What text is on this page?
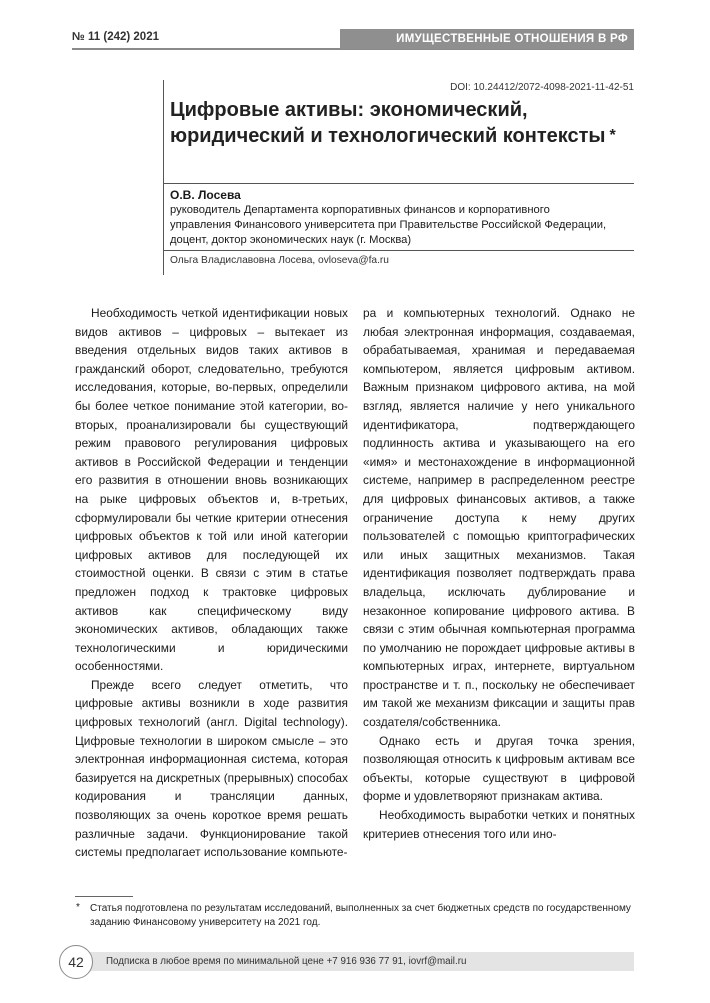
№ 11 (242) 2021	ИМУЩЕСТВЕННЫЕ ОТНОШЕНИЯ В РФ
DOI: 10.24412/2072-4098-2021-11-42-51
Цифровые активы: экономический, юридический и технологический контексты *
О.В. Лосева
руководитель Департамента корпоративных финансов и корпоративного управления Финансового университета при Правительстве Российской Федерации, доцент, доктор экономических наук (г. Москва)
Ольга Владиславовна Лосева, ovloseva@fa.ru

Необходимость четкой идентификации новых видов активов – цифровых – вытекает из введения отдельных видов таких активов в гражданский оборот, следовательно, требуются исследования, которые, во-первых, определили бы более четкое понимание этой категории, во-вторых, проанализировали бы существующий режим правового регулирования цифровых активов в Российской Федерации и тенденции его развития в отношении вновь возникающих на рыке цифровых объектов и, в-третьих, сформулировали бы четкие критерии отнесения цифровых объектов к той или иной категории цифровых активов для последующей их стоимостной оценки. В связи с этим в статье предложен подход к трактовке цифровых активов как специфическому виду экономических активов, обладающих также технологическими и юридическими особенностями.

Прежде всего следует отметить, что цифровые активы возникли в ходе развития цифровых технологий (англ. Digital technology). Цифровые технологии в широком смысле – это электронная информационная система, которая базируется на дискретных (прерывных) способах кодирования и трансляции данных, позволяющих за очень короткое время решать различные задачи. Функционирование такой системы предполагает использование компьюте-

ра и компьютерных технологий. Однако не любая электронная информация, создаваемая, обрабатываемая, хранимая и передаваемая компьютером, является цифровым активом. Важным признаком цифрового актива, на мой взгляд, является наличие у него уникального идентификатора, подтверждающего подлинность актива и указывающего на его «имя» и местонахождение в информационной системе, например в распределенном реестре для цифровых финансовых активов, а также ограничение доступа к нему других пользователей с помощью криптографических или иных защитных механизмов. Такая идентификация позволяет подтверждать права владельца, исключать дублирование и незаконное копирование цифрового актива. В связи с этим обычная компьютерная программа по умолчанию не порождает цифровые активы в компьютерных играх, интернете, виртуальном пространстве и т. п., поскольку не обеспечивает им такой же механизм фиксации и защиты прав создателя/собственника.

Однако есть и другая точка зрения, позволяющая относить к цифровым активам все объекты, которые существуют в цифровой форме и удовлетворяют признакам актива.

Необходимость выработки четких и понятных критериев отнесения того или ино-

* Статья подготовлена по результатам исследований, выполненных за счет бюджетных средств по государственному заданию Финансовому университету на 2021 год.
42	Подписка в любое время по минимальной цене +7 916 936 77 91, iovrf@mail.ru
